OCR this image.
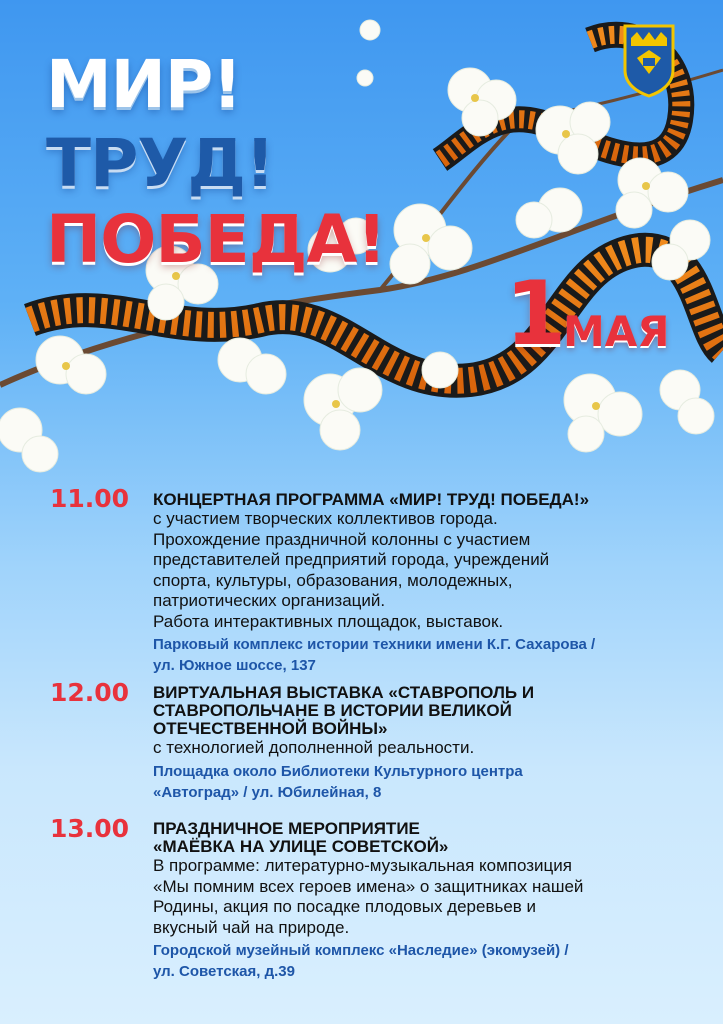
МИР!
ТРУД!
ПОБЕДА!
1
МАЯ
11.00 КОНЦЕРТНАЯ ПРОГРАММА «МИР! ТРУД! ПОБЕДА!»
с участием творческих коллективов города.
Прохождение праздничной колонны с участием
представителей предприятий города, учреждений
спорта, культуры, образования, молодежных,
патриотических организаций.
Работа интерактивных площадок, выставок.
Парковый комплекс истории техники имени К.Г. Сахарова /
ул. Южное шоссе, 137
12.00 ВИРТУАЛЬНАЯ ВЫСТАВКА «СТАВРОПОЛЬ И
СТАВРОПОЛЬЧАНЕ В ИСТОРИИ ВЕЛИКОЙ
ОТЕЧЕСТВЕННОЙ ВОЙНЫ»
с технологией дополненной реальности.
Площадка около Библиотеки Культурного центра
«Автоград» / ул. Юбилейная, 8
13.00 ПРАЗДНИЧНОЕ МЕРОПРИЯТИЕ
«МАЁВКА НА УЛИЦЕ СОВЕТСКОЙ»
В программе: литературно-музыкальная композиция
«Мы помним всех героев имена» о защитниках нашей
Родины, акция по посадке плодовых деревьев и
вкусный чай на природе.
Городской музейный комплекс «Наследие» (экомузей) /
ул. Советская, д.39
